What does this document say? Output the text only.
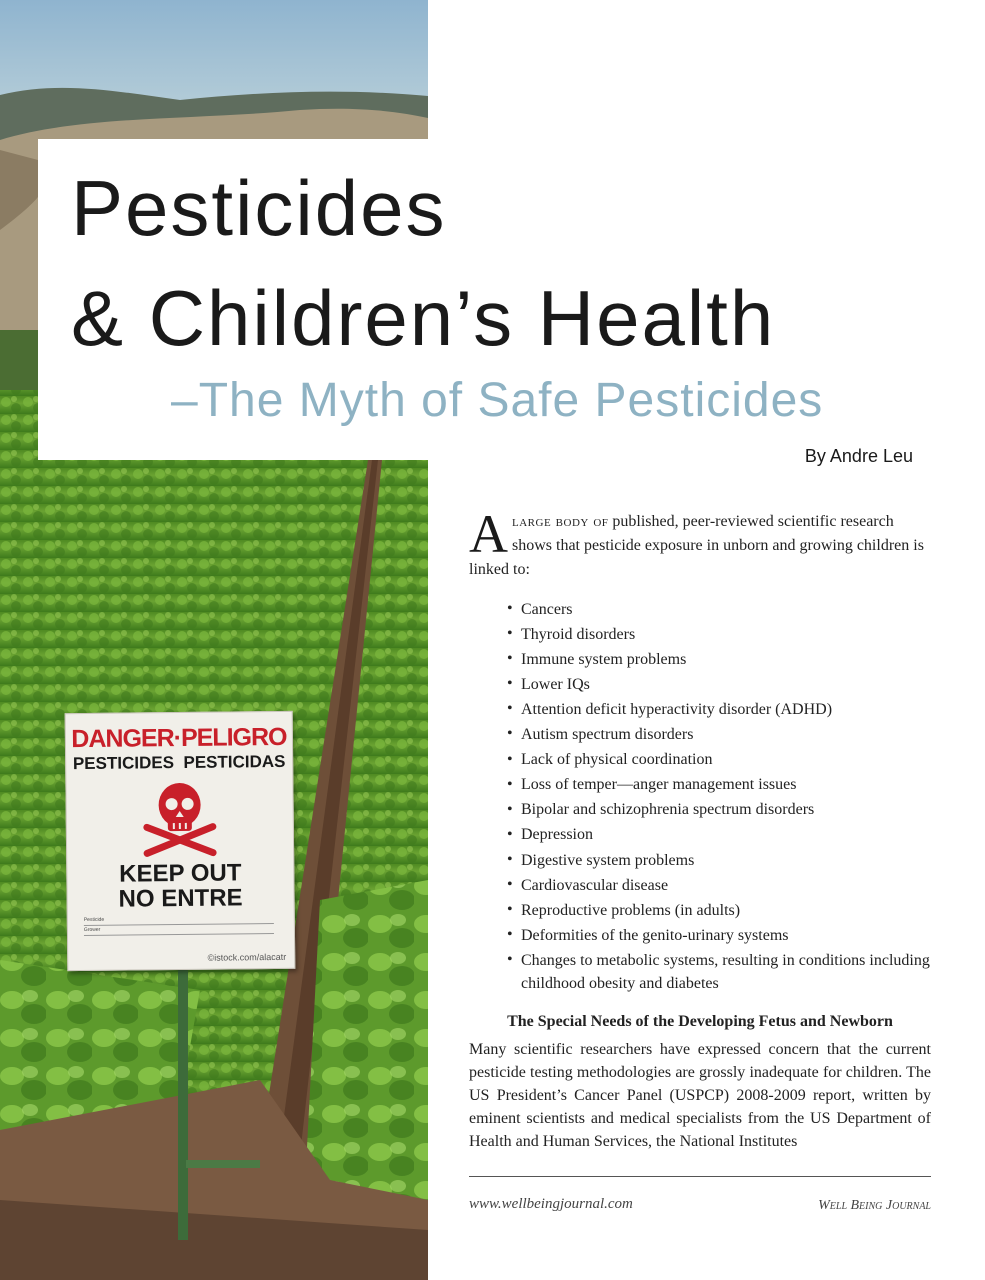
DANGER·PELIGRO
PESTICIDES  PESTICIDAS
KEEP OUT
NO ENTRE
Pesticide
Grower
©istock.com/alacatr
Pesticides
& Children’s Health
–The Myth of Safe Pesticides
By Andre Leu

Alarge body of published, peer-reviewed scientific research shows that pesticide exposure in unborn and growing children is linked to:

• Cancers
• Thyroid disorders
• Immune system problems
• Lower IQs
• Attention deficit hyperactivity disorder (ADHD)
• Autism spectrum disorders
• Lack of physical coordination
• Loss of temper—anger management issues
• Bipolar and schizophrenia spectrum disorders
• Depression
• Digestive system problems
• Cardiovascular disease
• Reproductive problems (in adults)
• Deformities of the genito-urinary systems
• Changes to metabolic systems, resulting in conditions including childhood obesity and diabetes
The Special Needs of the Developing Fetus and Newborn

Many scientific researchers have expressed concern that the current pesticide testing methodologies are grossly inadequate for children. The US President’s Cancer Panel (USPCP) 2008-2009 report, written by eminent scientists and medical specialists from the US Department of Health and Human Services, the National Institutes

www.wellbeingjournal.com	Well Being Journal
